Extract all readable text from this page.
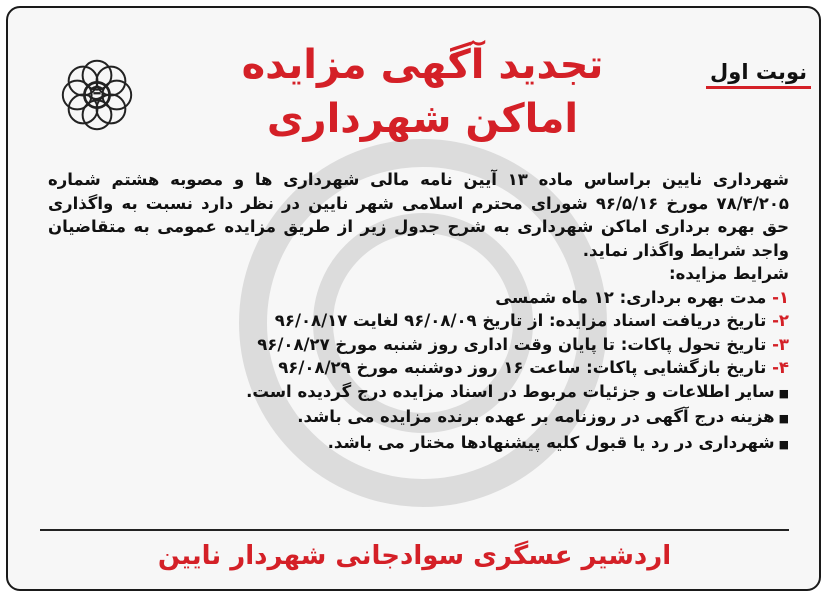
نوبت اول
تجدید آگهی مزایده
اماکن شهرداری

شهرداری نایین براساس ماده ۱۳ آیین نامه مالی شهرداری ها و مصوبه هشتم شماره ۷۸/۴/۲۰۵ مورخ ۹۶/۵/۱۶ شورای محترم اسلامی شهر نایین در نظر دارد نسبت به واگذاری حق بهره برداری اماکن شهرداری به شرح جدول زیر از طریق مزایده عمومی به متقاضیان واجد شرایط واگذار نماید.

شرایط مزایده:

۱- مدت بهره برداری: ۱۲ ماه شمسی
۲- تاریخ دریافت اسناد مزایده: از تاریخ ۹۶/۰۸/۰۹ لغایت ۹۶/۰۸/۱۷
۳- تاریخ تحول پاکات: تا پایان وقت اداری روز شنبه مورخ ۹۶/۰۸/۲۷
۴- تاریخ بازگشایی پاکات: ساعت ۱۶ روز دوشنبه مورخ ۹۶/۰۸/۲۹
■ سایر اطلاعات و جزئیات مربوط در اسناد مزایده درج گردیده است.
■ هزینه درج آگهی در روزنامه بر عهده برنده مزایده می باشد.
■ شهرداری در رد یا قبول کلیه پیشنهادها مختار می باشد.
اردشیر عسگری سوادجانی شهردار نایین
